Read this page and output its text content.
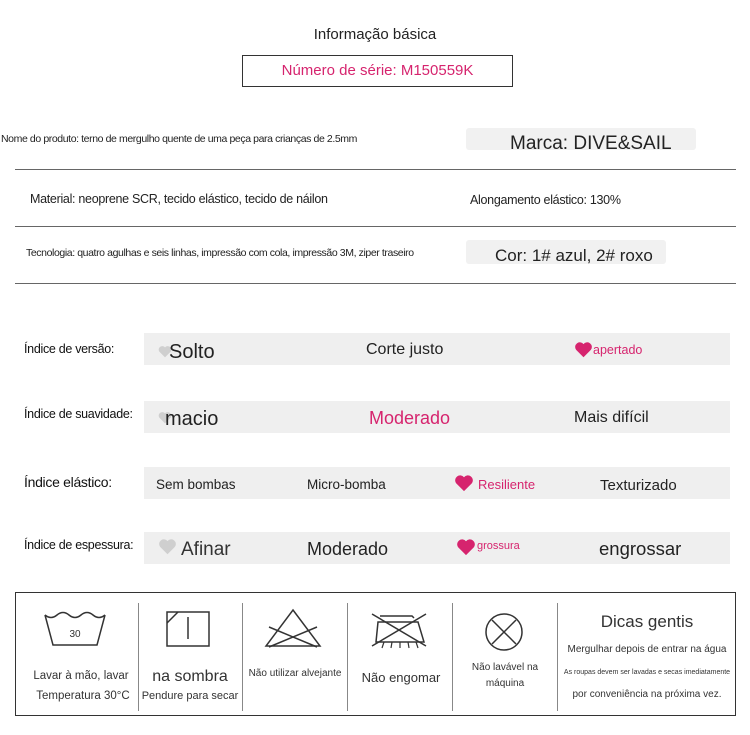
Informação básica
Número de série: M150559K
Nome do produto: terno de mergulho quente de uma peça para crianças de 2.5mm	Marca: DIVE&SAIL
Material: neoprene SCR, tecido elástico, tecido de náilon	Alongamento elástico: 130%
Tecnologia: quatro agulhas e seis linhas, impressão com cola, impressão 3M, ziper traseiro	Cor: 1# azul, 2# roxo
Índice de versão:	Solto	Corte justo	apertado
Índice de suavidade: macio	Moderado	Mais difícil
Índice elástico:	Sem bombas	Micro-bomba	Resiliente	Texturizado
Índice de espessura:	Afinar	Moderado	grossura	engrossar
30
Lavar à mão, lavar
Temperatura 30°C
na sombra
Pendure para secar
Não utilizar alvejante	Não engomar
Não lavável na
máquina
Dicas gentis
Mergulhar depois de entrar na água
As roupas devem ser lavadas e secas imediatamente
por conveniência na próxima vez.
